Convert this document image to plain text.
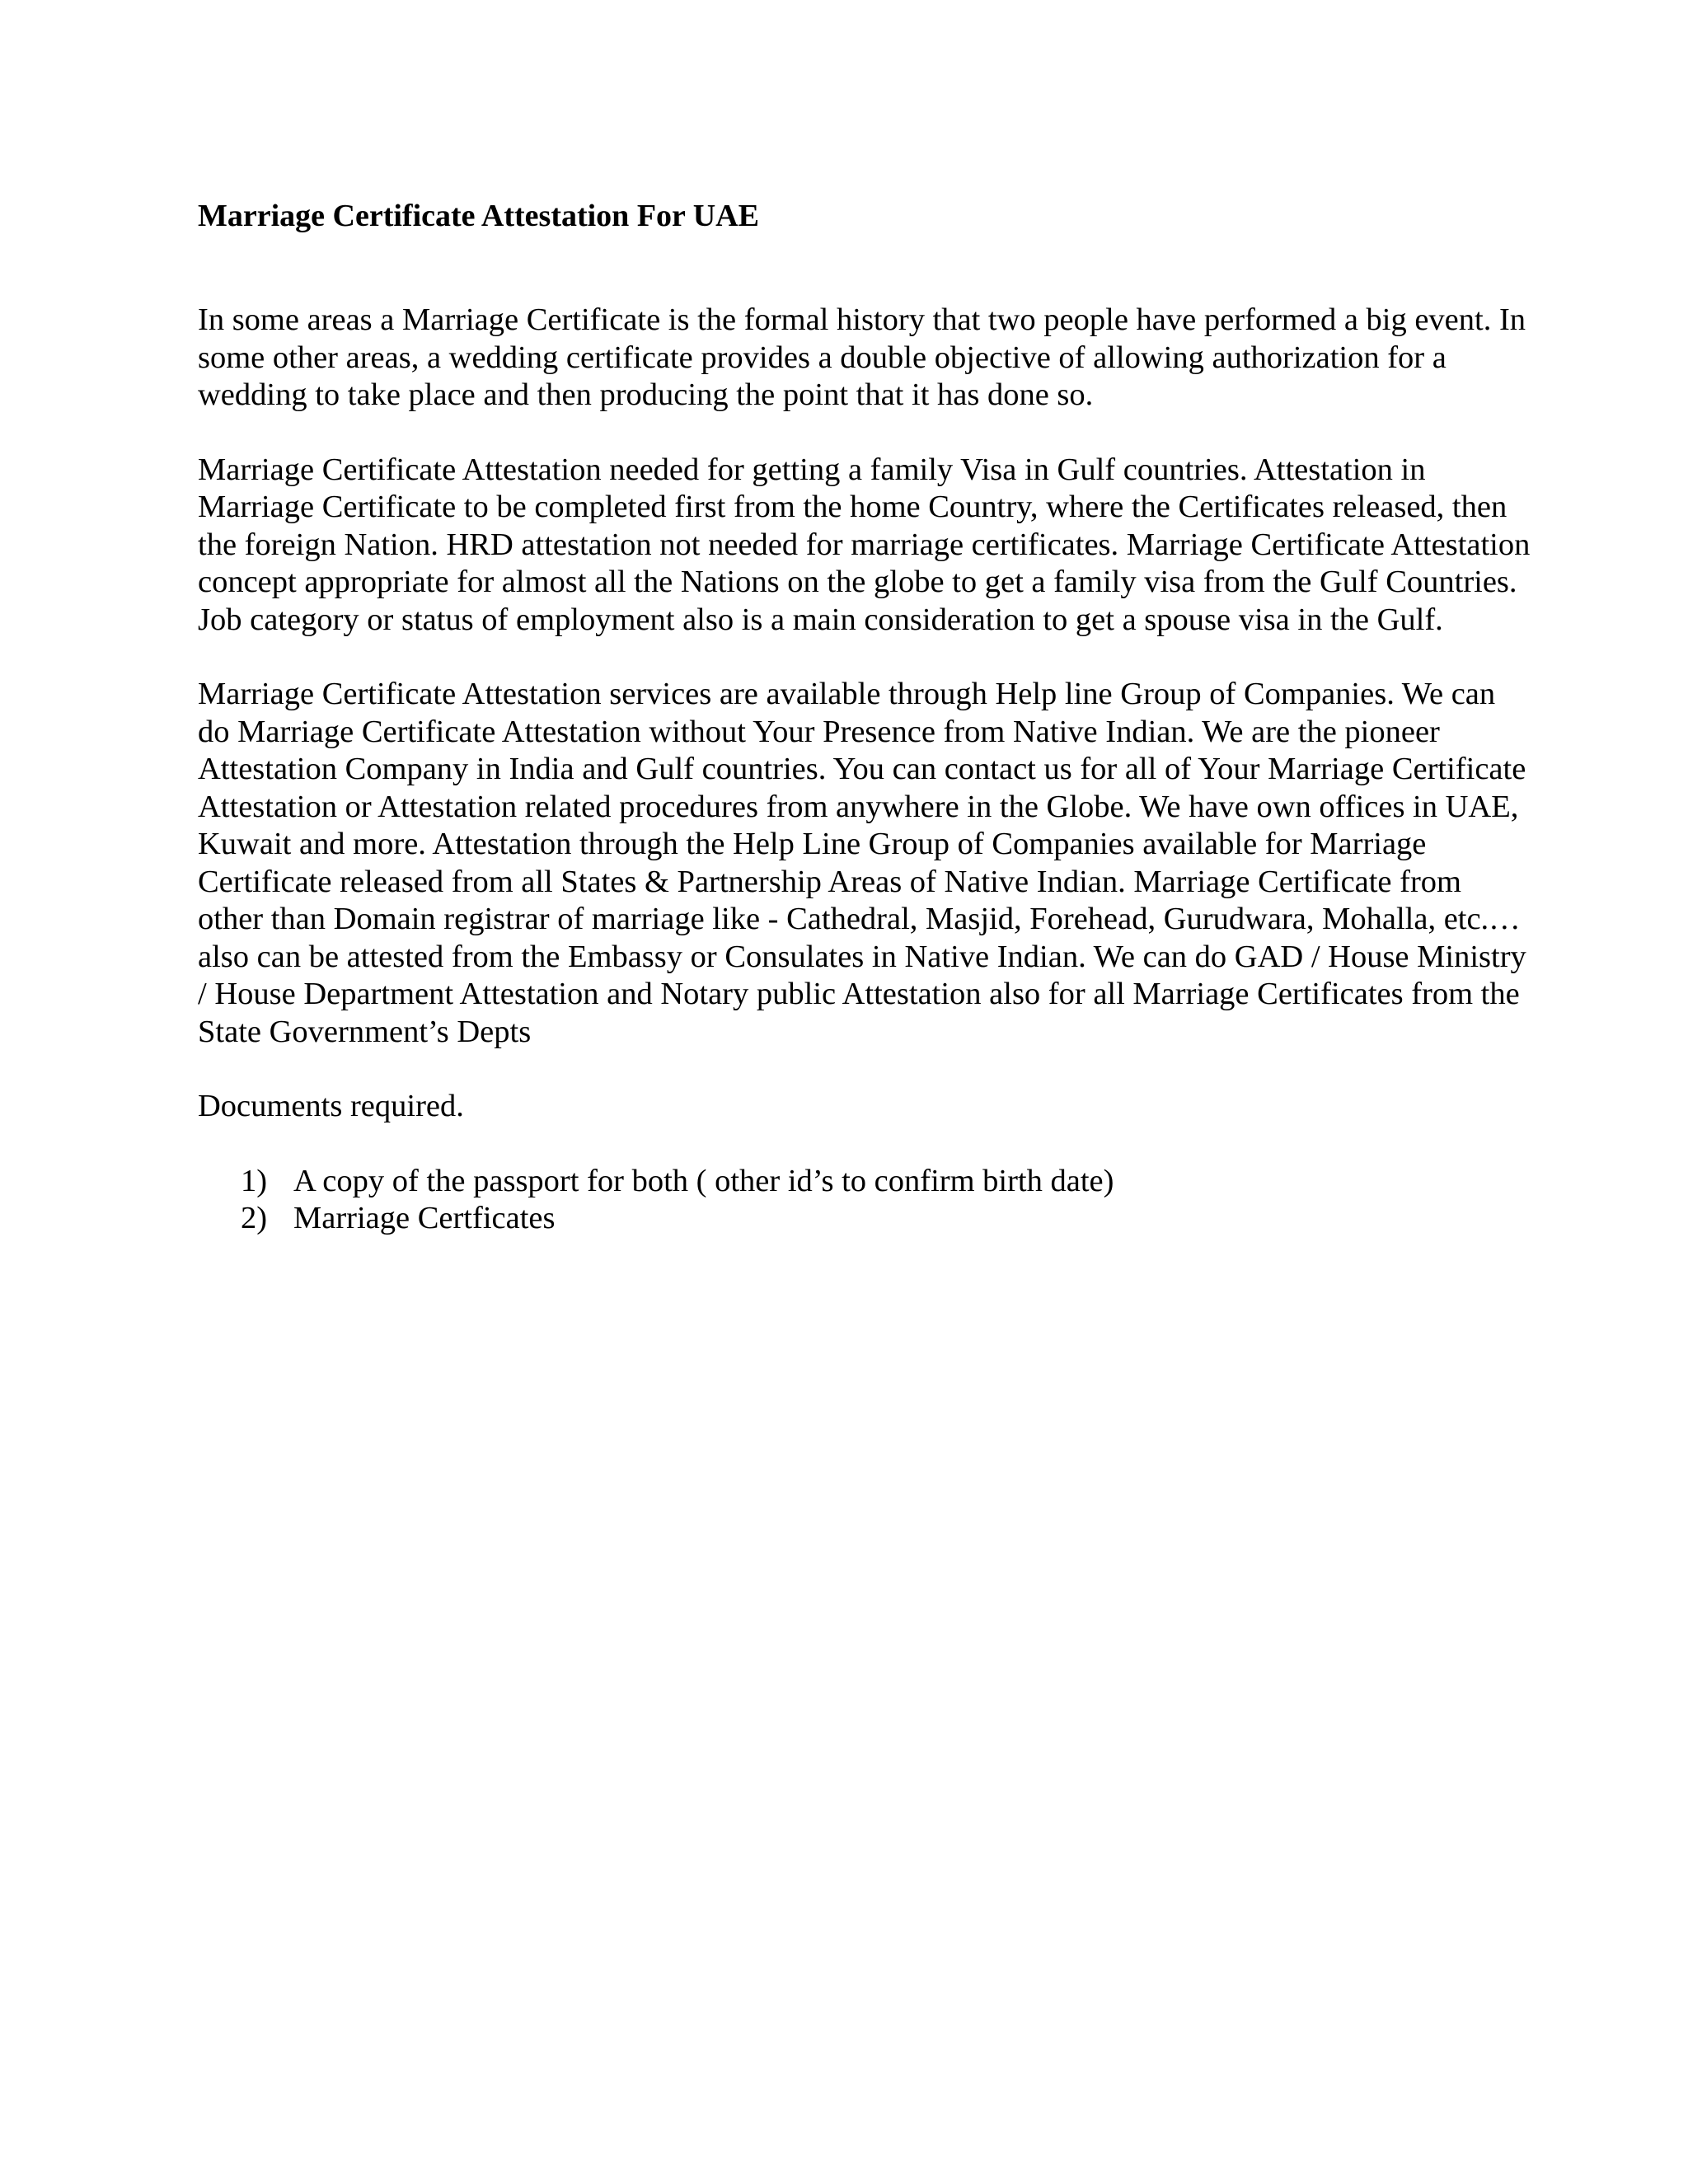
Marriage Certificate Attestation For UAE

In some areas a Marriage Certificate is the formal history that two people have performed a big event. In some other areas, a wedding certificate provides a double objective of allowing authorization for a wedding to take place and then producing the point that it has done so.

Marriage Certificate Attestation needed for getting a family Visa in Gulf countries. Attestation in Marriage Certificate to be completed first from the home Country, where the Certificates released, then the foreign Nation. HRD attestation not needed for marriage certificates. Marriage Certificate Attestation concept appropriate for almost all the Nations on the globe to get a family visa from the Gulf Countries. Job category or status of employment also is a main consideration to get a spouse visa in the Gulf.

Marriage Certificate Attestation services are available through Help line Group of Companies. We can do Marriage Certificate Attestation without Your Presence from Native Indian. We are the pioneer Attestation Company in India and Gulf countries. You can contact us for all of Your Marriage Certificate Attestation or Attestation related procedures from anywhere in the Globe. We have own offices in UAE, Kuwait and more. Attestation through the Help Line Group of Companies available for Marriage Certificate released from all States & Partnership Areas of Native Indian. Marriage Certificate from other than Domain registrar of marriage like - Cathedral, Masjid, Forehead, Gurudwara, Mohalla, etc.… also can be attested from the Embassy or Consulates in Native Indian. We can do GAD / House Ministry / House Department Attestation and Notary public Attestation also for all Marriage Certificates from the State Government’s Depts

Documents required.

1) A copy of the passport for both ( other id’s to confirm birth date)
2) Marriage Certficates
